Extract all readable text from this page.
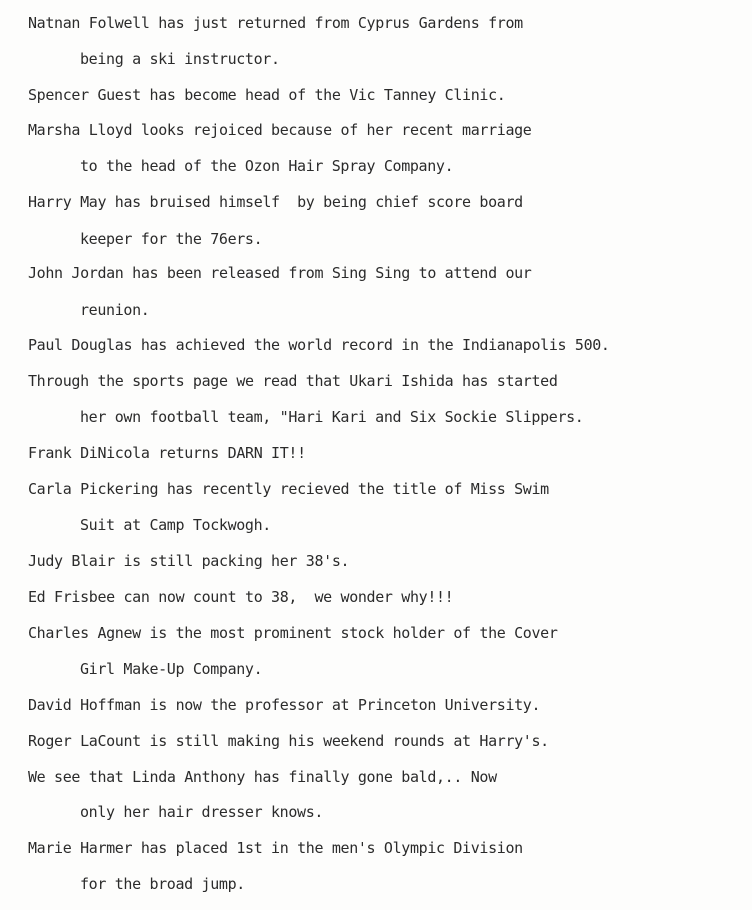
Natnan Folwell has just returned from Cyprus Gardens from
being a ski instructor.
Spencer Guest has become head of the Vic Tanney Clinic.
Marsha Lloyd looks rejoiced because of her recent marriage
to the head of the Ozon Hair Spray Company.
Harry May has bruised himself  by being chief score board
keeper for the 76ers.
John Jordan has been released from Sing Sing to attend our
reunion.
Paul Douglas has achieved the world record in the Indianapolis 500.
Through the sports page we read that Ukari Ishida has started
her own football team, "Hari Kari and Six Sockie Slippers.
Frank DiNicola returns DARN IT!!
Carla Pickering has recently recieved the title of Miss Swim
Suit at Camp Tockwogh.
Judy Blair is still packing her 38's.
Ed Frisbee can now count to 38,  we wonder why!!!
Charles Agnew is the most prominent stock holder of the Cover
Girl Make-Up Company.
David Hoffman is now the professor at Princeton University.
Roger LaCount is still making his weekend rounds at Harry's.
We see that Linda Anthony has finally gone bald,.. Now
only her hair dresser knows.
Marie Harmer has placed 1st in the men's Olympic Division
for the broad jump.
